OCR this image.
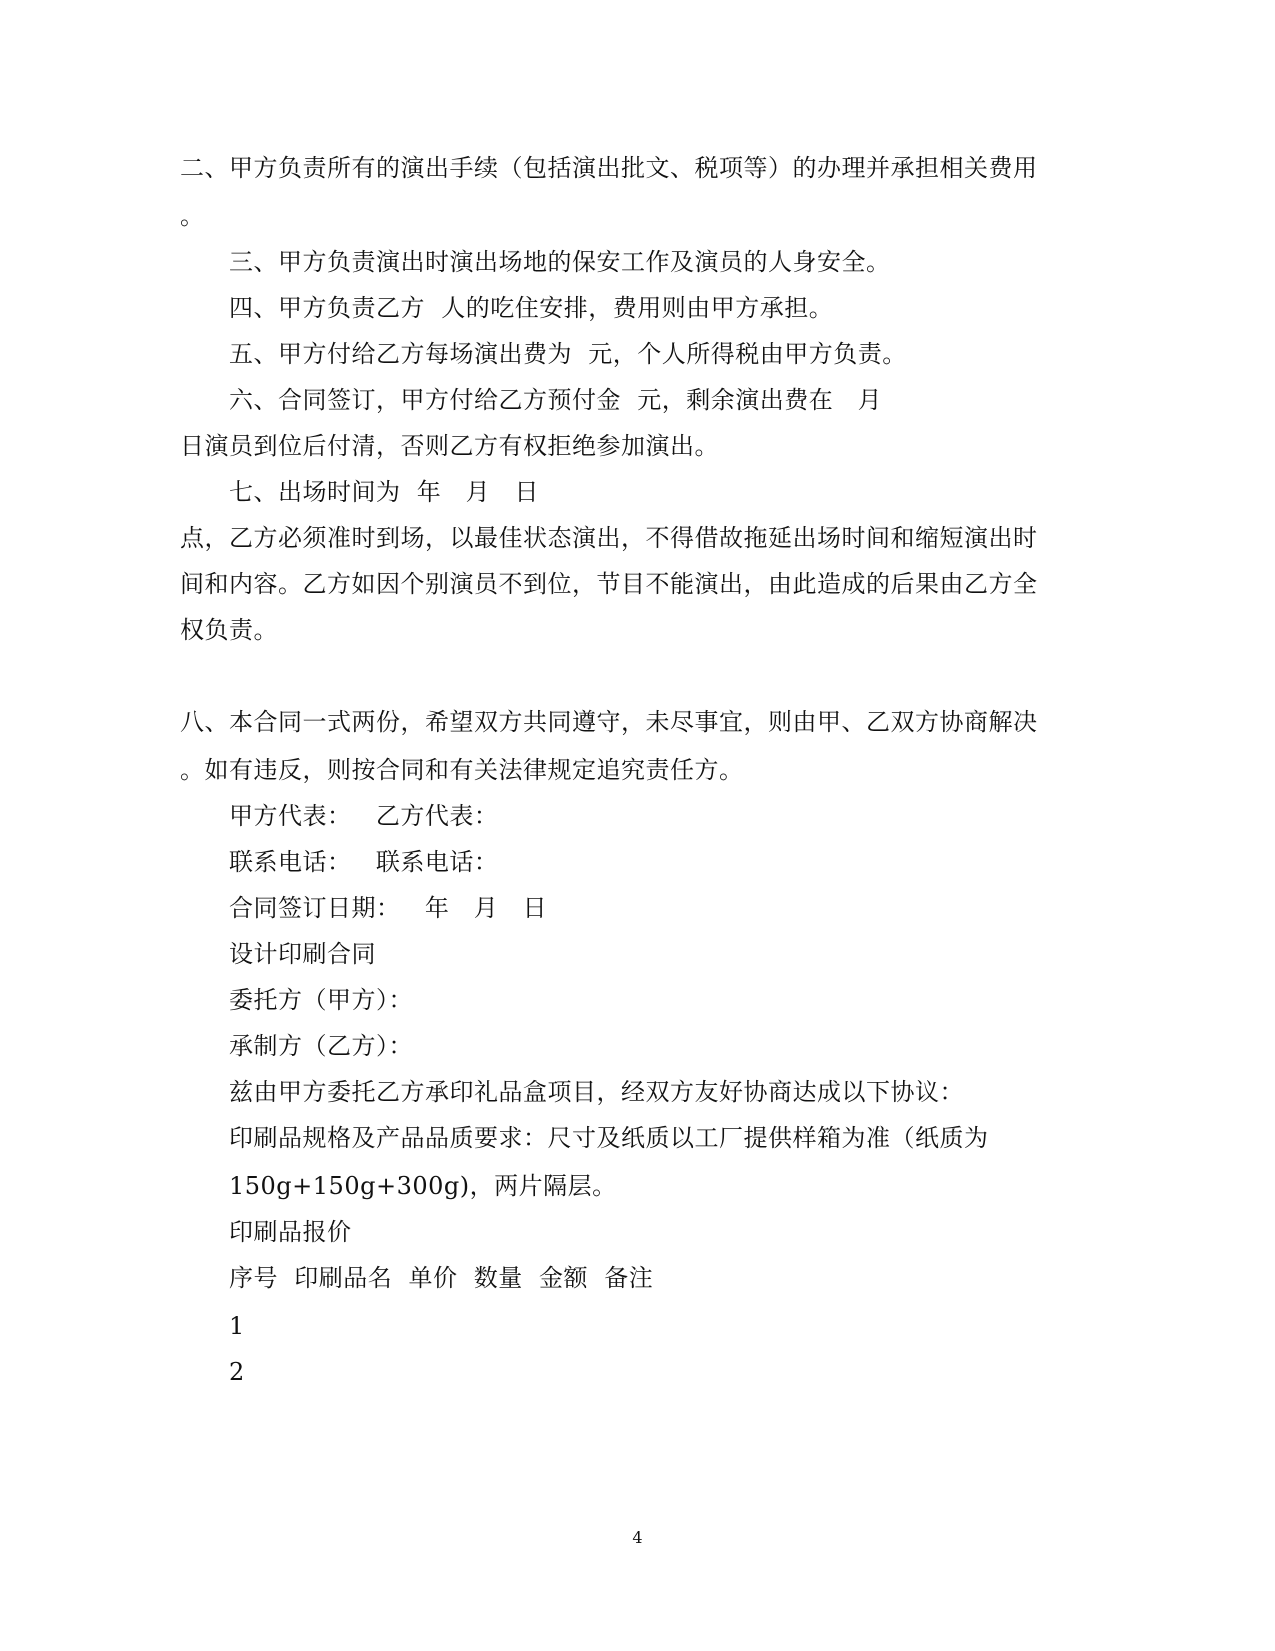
二、甲方负责所有的演出手续（包括演出批文、税项等）的办理并承担相关费用
。
三、甲方负责演出时演出场地的保安工作及演员的人身安全。
四、甲方负责乙方  人的吃住安排，费用则由甲方承担。
五、甲方付给乙方每场演出费为  元，个人所得税由甲方负责。
六、合同签订，甲方付给乙方预付金  元，剩余演出费在   月
日演员到位后付清，否则乙方有权拒绝参加演出。
七、出场时间为  年   月   日
点，乙方必须准时到场，以最佳状态演出，不得借故拖延出场时间和缩短演出时
间和内容。乙方如因个别演员不到位，节目不能演出，由此造成的后果由乙方全
权负责。
八、本合同一式两份，希望双方共同遵守，未尽事宜，则由甲、乙双方协商解决
。如有违反，则按合同和有关法律规定追究责任方。
甲方代表：   乙方代表：
联系电话：   联系电话：
合同签订日期：   年   月   日
设计印刷合同
委托方（甲方）：
承制方（乙方）：
兹由甲方委托乙方承印礼品盒项目，经双方友好协商达成以下协议：
印刷品规格及产品品质要求：尺寸及纸质以工厂提供样箱为准（纸质为
150g+150g+300g)，两片隔层。
印刷品报价
序号  印刷品名  单价  数量  金额  备注
1
2
4
